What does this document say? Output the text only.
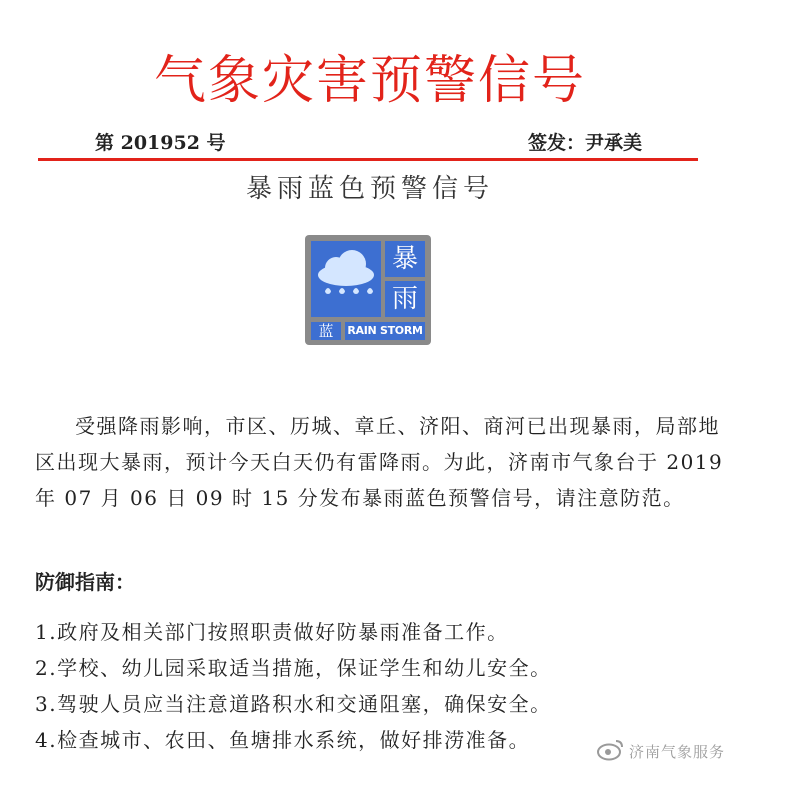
气象灾害预警信号
第 201952 号	签发：尹承美
暴雨蓝色预警信号
暴
雨
蓝	RAIN STORM

受强降雨影响，市区、历城、章丘、济阳、商河已出现暴雨，局部地区出现大暴雨，预计今天白天仍有雷降雨。为此，济南市气象台于 2019 年 07 月 06 日 09 时 15 分发布暴雨蓝色预警信号，请注意防范。

防御指南：
1.政府及相关部门按照职责做好防暴雨准备工作。
2.学校、幼儿园采取适当措施，保证学生和幼儿安全。
3.驾驶人员应当注意道路积水和交通阻塞，确保安全。
4.检查城市、农田、鱼塘排水系统，做好排涝准备。	济南气象服务
